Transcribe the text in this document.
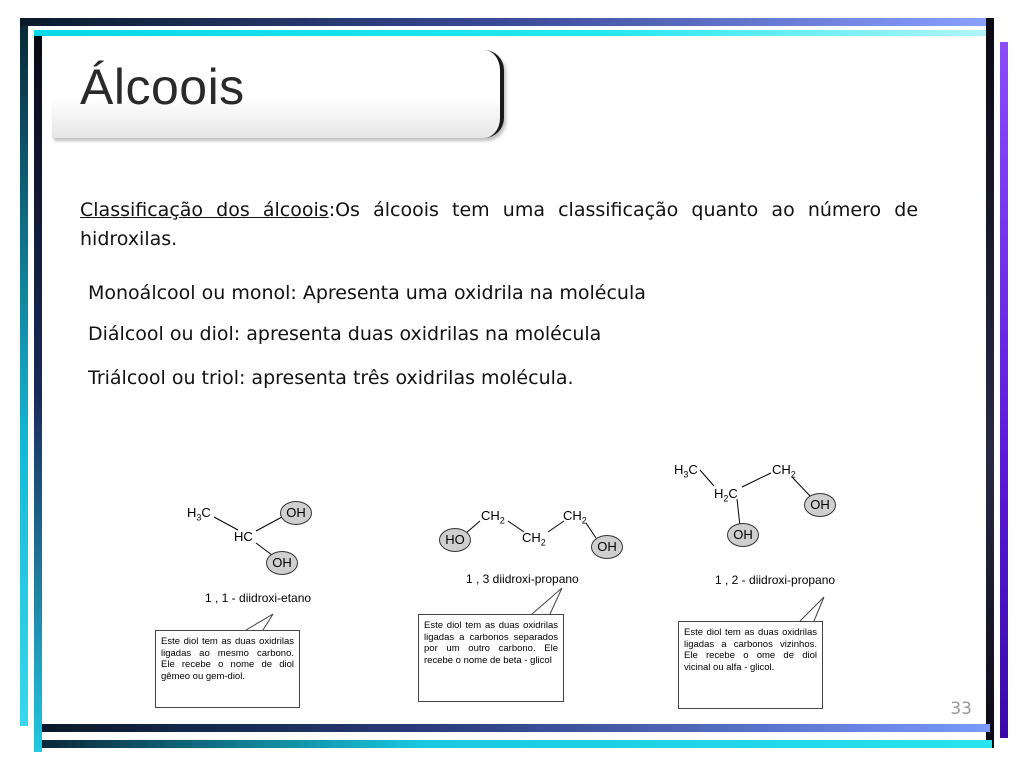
Álcoois
Classificação dos álcoois:Os álcoois tem uma classificação quanto ao número de hidroxilas.
Monoálcool ou monol: Apresenta uma oxidrila na molécula
Diálcool ou diol: apresenta duas oxidrilas na molécula
Triálcool ou triol: apresenta três oxidrilas molécula.
$H_3C$
HC
OH
OH
1 , 1 - diidroxi-etano
Este diol tem as duas oxidrilas ligadas ao mesmo carbono. Ele recebe o nome de diol gêmeo ou gem-diol.
$CH_2$
$CH_2$
$CH_2$
HO	OH
1 , 3 diidroxi-propano
Este diol tem as duas oxidrilas ligadas a carbonos separados por um outro carbono. Ele recebe o nome de beta - glicol
$H_3C$	$CH_2$
$H_2C$
OH
OH
1 , 2 - diidroxi-propano
Este diol tem as duas oxidrilas ligadas a carbonos vizinhos. Ele recebe o ome de diol vicinal ou alfa - glicol.
33
